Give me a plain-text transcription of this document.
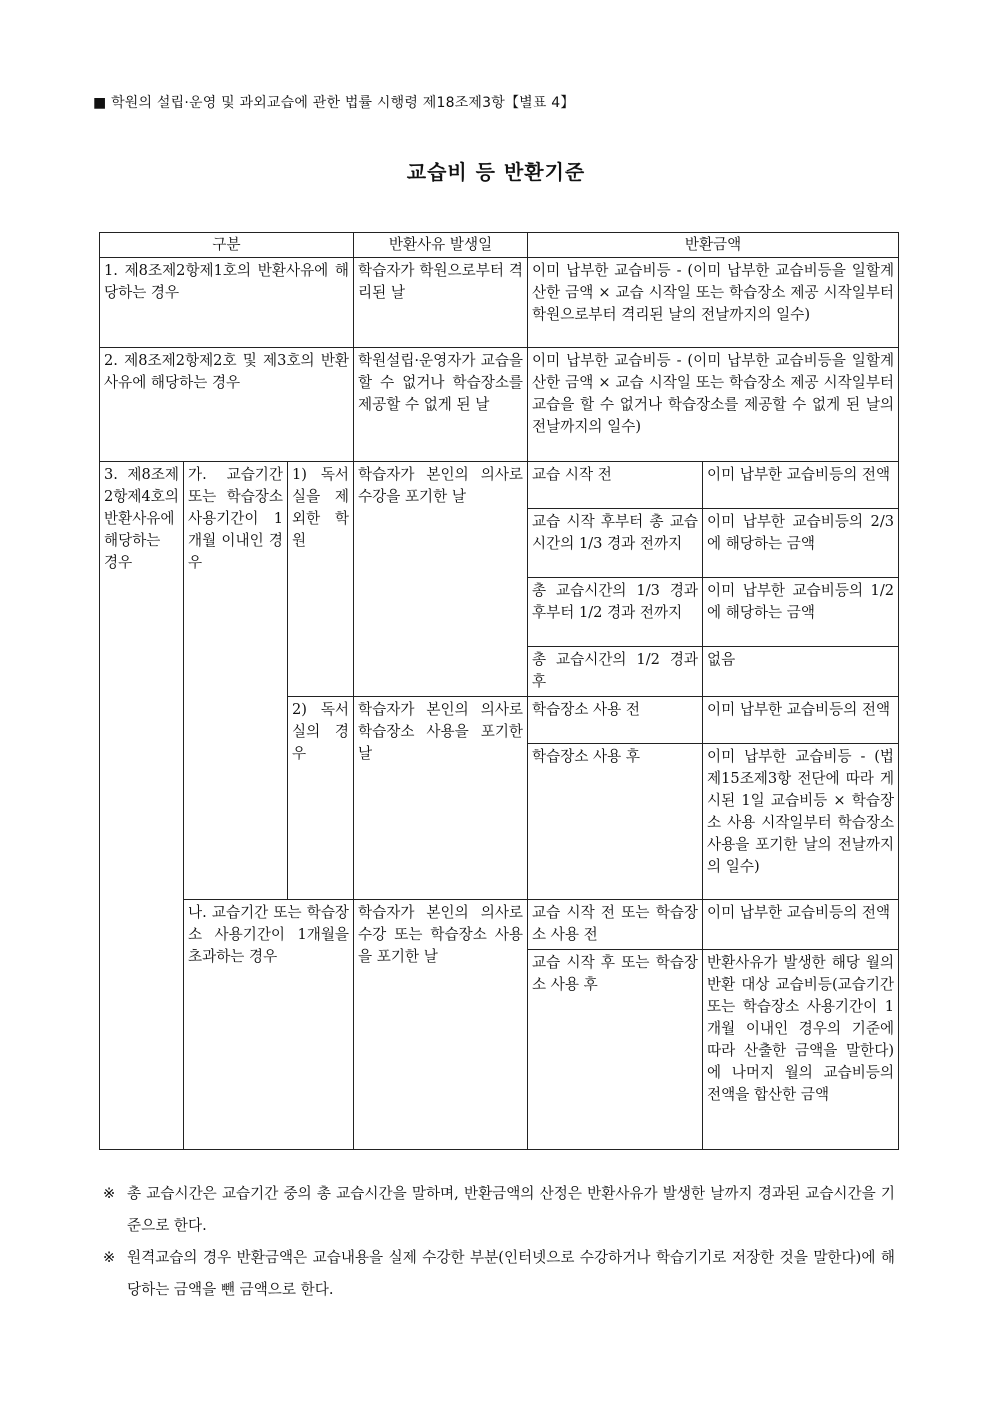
■ 학원의 설립·운영 및 과외교습에 관한 법률 시행령 제18조제3항【별표 4】
교습비 등 반환기준
구분			반환사유 발생일	반환금액	
1. 제8조제2항제1호의 반환사유에 해당하는 경우			학습자가 학원으로부터 격리된 날	이미 납부한 교습비등 - (이미 납부한 교습비등을 일할계산한 금액 × 교습 시작일 또는 학습장소 제공 시작일부터 학원으로부터 격리된 날의 전날까지의 일수)	
2. 제8조제2항제2호 및 제3호의 반환사유에 해당하는 경우			학원설립·운영자가 교습을 할 수 없거나 학습장소를 제공할 수 없게 된 날	이미 납부한 교습비등 - (이미 납부한 교습비등을 일할계산한 금액 × 교습 시작일 또는 학습장소 제공 시작일부터 교습을 할 수 없거나 학습장소를 제공할 수 없게 된 날의 전날까지의 일수)	
3. 제8조제2항제4호의 반환사유에 해당하는 경우	가. 교습기간 또는 학습장소 사용기간이 1개월 이내인 경우	1) 독서실을 제외한 학원	학습자가 본인의 의사로 수강을 포기한 날	교습 시작 전	이미 납부한 교습비등의 전액
				교습 시작 후부터 총 교습시간의 1/3 경과 전까지	이미 납부한 교습비등의 2/3에 해당하는 금액
				총 교습시간의 1/3 경과 후부터 1/2 경과 전까지	이미 납부한 교습비등의 1/2에 해당하는 금액
				총 교습시간의 1/2 경과 후	없음
		2) 독서실의 경우	학습자가 본인의 의사로 학습장소 사용을 포기한 날	학습장소 사용 전	이미 납부한 교습비등의 전액
				학습장소 사용 후	이미 납부한 교습비등 - (법 제15조제3항 전단에 따라 게시된 1일 교습비등 × 학습장소 사용 시작일부터 학습장소 사용을 포기한 날의 전날까지의 일수)
	나. 교습기간 또는 학습장소 사용기간이 1개월을 초과하는 경우		학습자가 본인의 의사로 수강 또는 학습장소 사용을 포기한 날	교습 시작 전 또는 학습장소 사용 전	이미 납부한 교습비등의 전액
				교습 시작 후 또는 학습장소 사용 후	반환사유가 발생한 해당 월의 반환 대상 교습비등(교습기간 또는 학습장소 사용기간이 1개월 이내인 경우의 기준에 따라 산출한 금액을 말한다)에 나머지 월의 교습비등의 전액을 합산한 금액
※ 총 교습시간은 교습기간 중의 총 교습시간을 말하며, 반환금액의 산정은 반환사유가 발생한 날까지 경과된 교습시간을 기준으로 한다.
※ 원격교습의 경우 반환금액은 교습내용을 실제 수강한 부분(인터넷으로 수강하거나 학습기기로 저장한 것을 말한다)에 해당하는 금액을 뺀 금액으로 한다.
